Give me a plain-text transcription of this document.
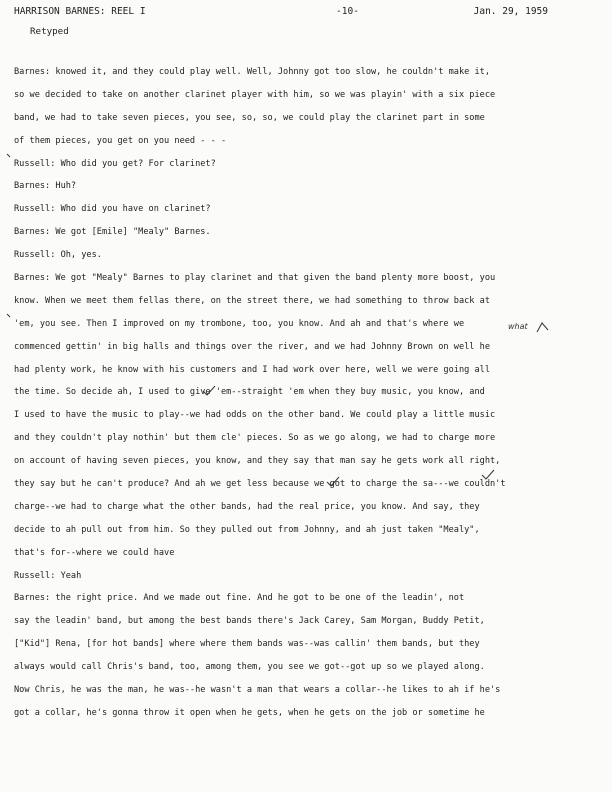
HARRISON BARNES: REEL I	-10-	Jan. 29, 1959
Retyped
Barnes: knowed it, and they could play well. Well, Johnny got too slow, he couldn't make it,
so we decided to take on another clarinet player with him, so we was playin' with a six piece
band, we had to take seven pieces, you see, so, so, we could play the clarinet part in some
of them pieces, you get on you need - - -
Russell: Who did you get? For clarinet?
Barnes: Huh?
Russell: Who did you have on clarinet?
Barnes: We got [Emile] "Mealy" Barnes.
Russell: Oh, yes.
Barnes: We got "Mealy" Barnes to play clarinet and that given the band plenty more boost, you
know. When we meet them fellas there, on the street there, we had something to throw back at
'em, you see. Then I improved on my trombone, too, you know. And ah and that's where we
commenced gettin' in big halls and things over the river, and we had Johnny Brown on well he
had plenty work, he know with his customers and I had work over here, well we were going all
the time. So decide ah, I used to give 'em--straight 'em when they buy music, you know, and
I used to have the music to play--we had odds on the other band. We could play a little music
and they couldn't play nothin' but them cle' pieces. So as we go along, we had to charge more
on account of having seven pieces, you know, and they say that man say he gets work all right,
they say but he can't produce? And ah we get less because we got to charge the sa---we couldn't
charge--we had to charge what the other bands, had the real price, you know. And say, they
decide to ah pull out from him. So they pulled out from Johnny, and ah just taken "Mealy",
that's for--where we could have
Russell: Yeah
Barnes: the right price. And we made out fine. And he got to be one of the leadin', not
say the leadin' band, but among the best bands there's Jack Carey, Sam Morgan, Buddy Petit,
["Kid"] Rena, [for hot bands] where where them bands was--was callin' them bands, but they
always would call Chris's band, too, among them, you see we got--got up so we played along.
Now Chris, he was the man, he was--he wasn't a man that wears a collar--he likes to ah if he's
got a collar, he's gonna throw it open when he gets, when he gets on the job or sometime he
what
